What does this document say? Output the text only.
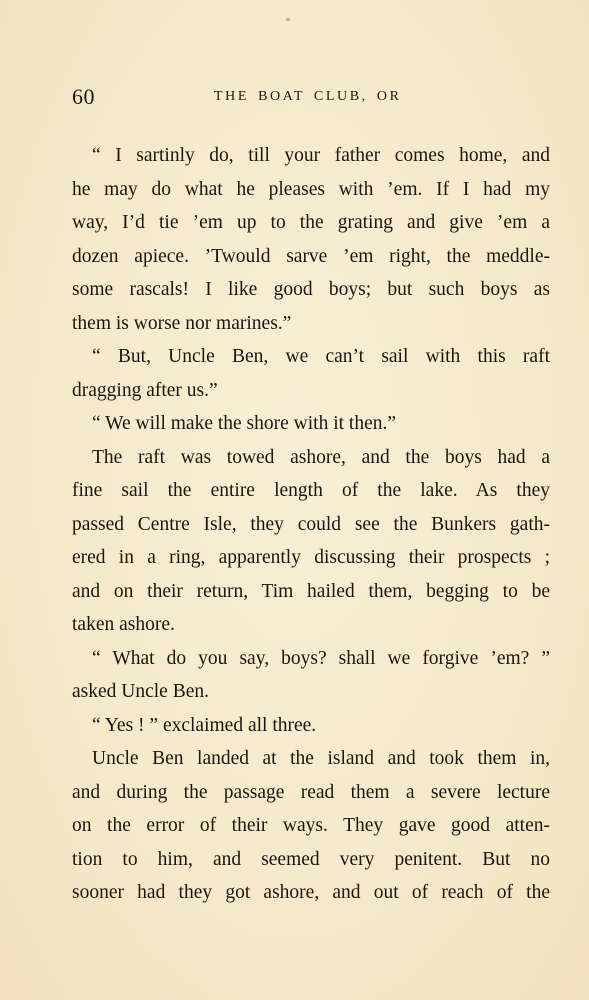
60	THE BOAT CLUB, OR
“ I sartinly do, till your father comes home, and
he may do what he pleases with ’em. If I had my
way, I’d tie ’em up to the grating and give ’em a
dozen apiece. ’Twould sarve ’em right, the meddle-
some rascals! I like good boys; but such boys as
them is worse nor marines.”
“ But, Uncle Ben, we can’t sail with this raft
dragging after us.”
“ We will make the shore with it then.”
The raft was towed ashore, and the boys had a
fine sail the entire length of the lake. As they
passed Centre Isle, they could see the Bunkers gath-
ered in a ring, apparently discussing their prospects ;
and on their return, Tim hailed them, begging to be
taken ashore.
“ What do you say, boys? shall we forgive ’em? ”
asked Uncle Ben.
“ Yes ! ” exclaimed all three.
Uncle Ben landed at the island and took them in,
and during the passage read them a severe lecture
on the error of their ways. They gave good atten-
tion to him, and seemed very penitent. But no
sooner had they got ashore, and out of reach of the
